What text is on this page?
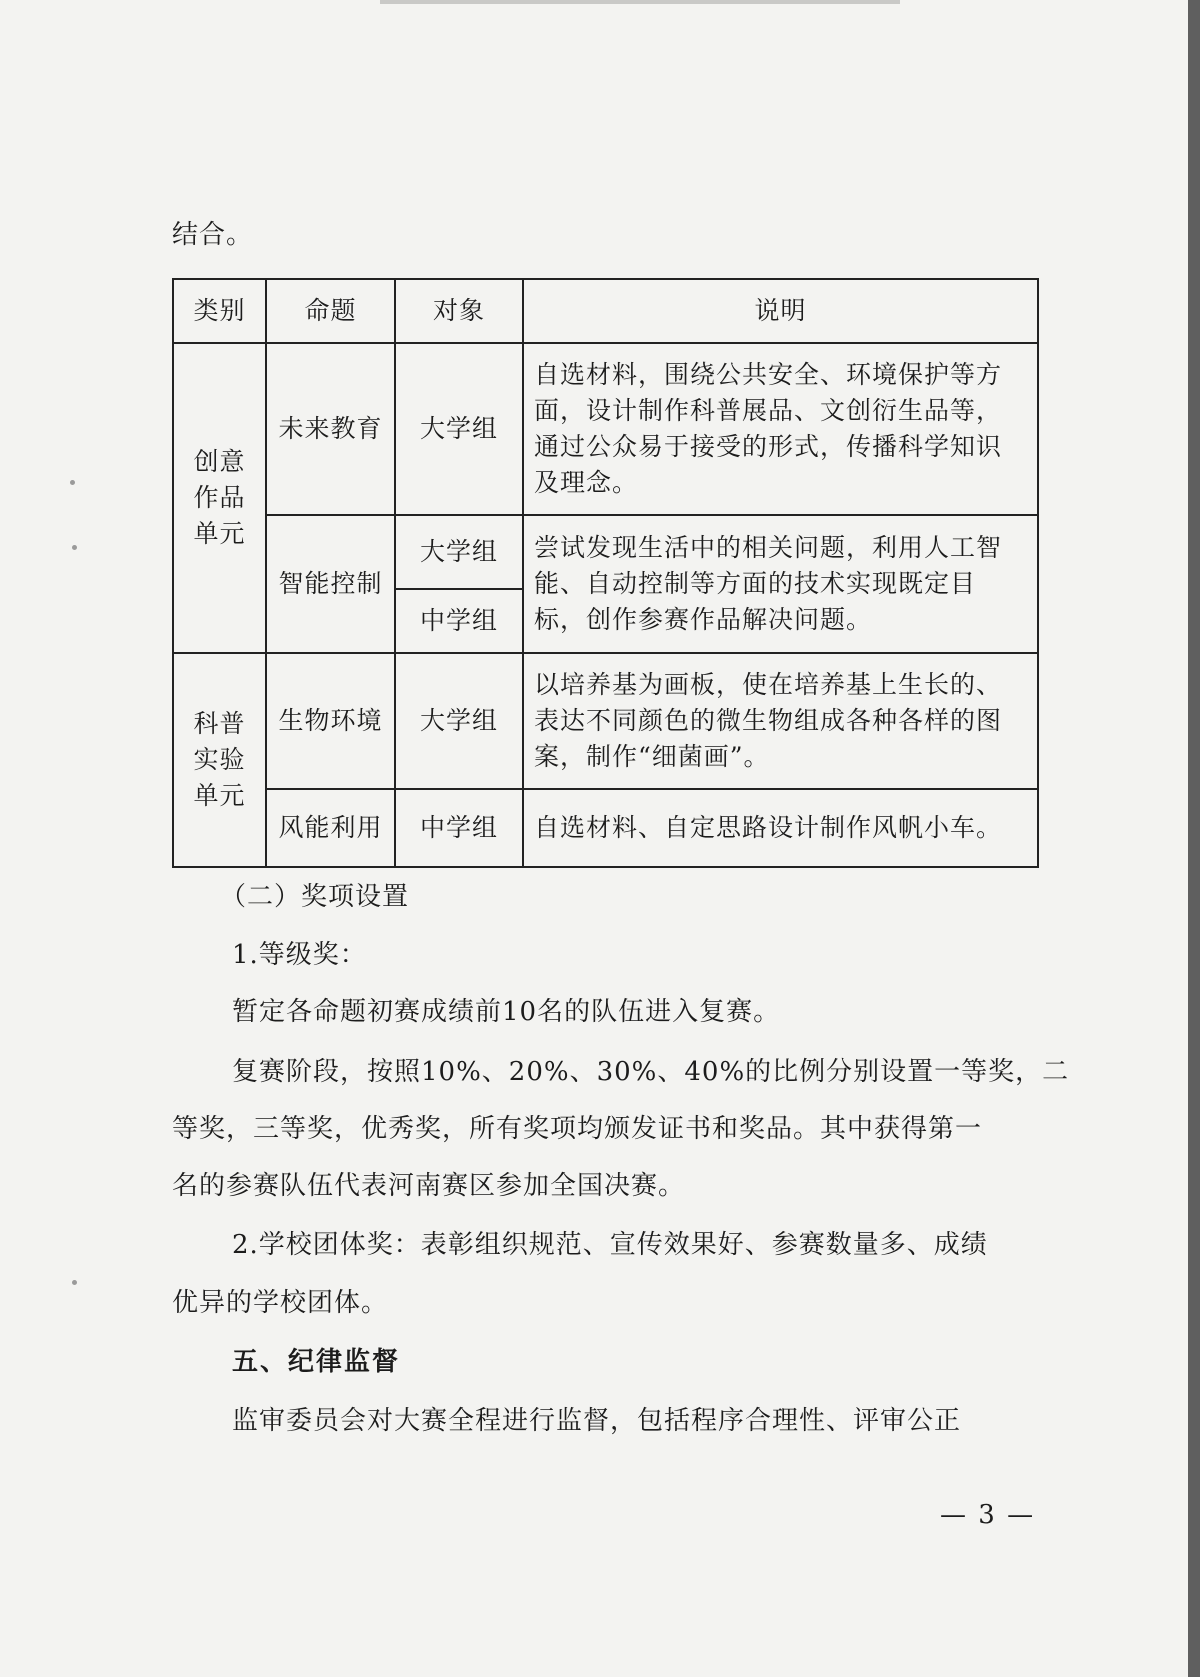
结合。

类别	命题	对象	说明
创意作品单元	未来教育	大学组	自选材料，围绕公共安全、环境保护等方面，设计制作科普展品、文创衍生品等，通过公众易于接受的形式，传播科学知识及理念。
	智能控制	大学组	尝试发现生活中的相关问题，利用人工智能、自动控制等方面的技术实现既定目标，创作参赛作品解决问题。
		中学组	
科普实验单元	生物环境	大学组	以培养基为画板，使在培养基上生长的、表达不同颜色的微生物组成各种各样的图案，制作“细菌画”。
	风能利用	中学组	自选材料、自定思路设计制作风帆小车。

（二）奖项设置

1.等级奖：

暂定各命题初赛成绩前10名的队伍进入复赛。

复赛阶段，按照10%、20%、30%、40%的比例分别设置一等奖，二

等奖，三等奖，优秀奖，所有奖项均颁发证书和奖品。其中获得第一

名的参赛队伍代表河南赛区参加全国决赛。

2.学校团体奖：表彰组织规范、宣传效果好、参赛数量多、成绩

优异的学校团体。

五、纪律监督

监审委员会对大赛全程进行监督，包括程序合理性、评审公正

— 3 —
